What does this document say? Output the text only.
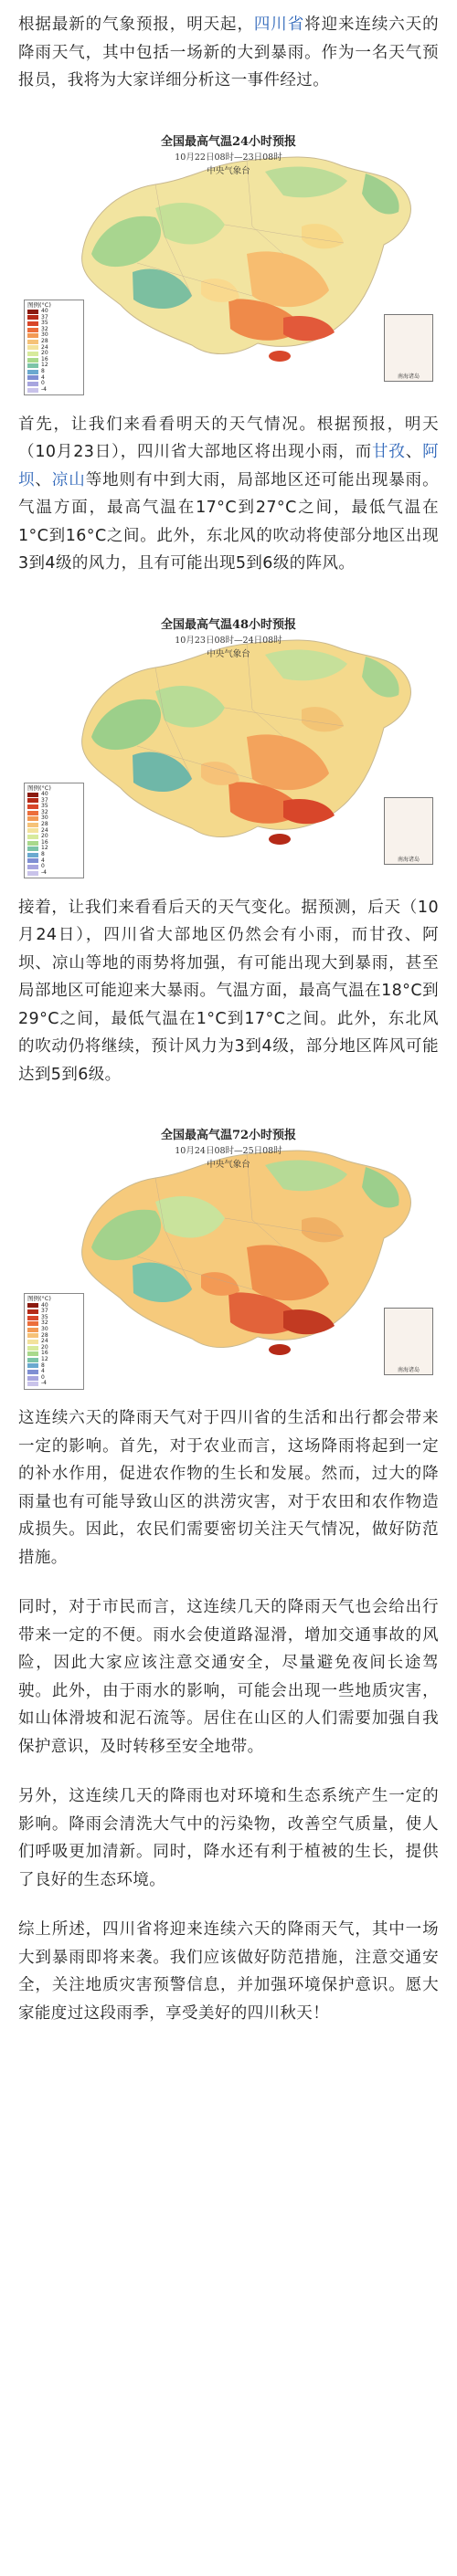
根据最新的气象预报，明天起，四川省将迎来连续六天的降雨天气，其中包括一场新的大到暴雨。作为一名天气预报员，我将为大家详细分析这一事件经过。

全国最高气温24小时预报
10月22日08时—23日08时
中央气象台
图例(°C)
40
37
35
32
30
28
24
20
16
12
8
4
0
-4
南海诸岛

首先，让我们来看看明天的天气情况。根据预报，明天（10月23日），四川省大部地区将出现小雨，而甘孜、阿坝、凉山等地则有中到大雨，局部地区还可能出现暴雨。气温方面，最高气温在17°C到27°C之间，最低气温在1°C到16°C之间。此外，东北风的吹动将使部分地区出现3到4级的风力，且有可能出现5到6级的阵风。

全国最高气温48小时预报
10月23日08时—24日08时
中央气象台
图例(°C)
40
37
35
32
30
28
24
20
16
12
8
4
0
-4
南海诸岛

接着，让我们来看看后天的天气变化。据预测，后天（10月24日），四川省大部地区仍然会有小雨，而甘孜、阿坝、凉山等地的雨势将加强，有可能出现大到暴雨，甚至局部地区可能迎来大暴雨。气温方面，最高气温在18°C到29°C之间，最低气温在1°C到17°C之间。此外，东北风的吹动仍将继续，预计风力为3到4级，部分地区阵风可能达到5到6级。

全国最高气温72小时预报
10月24日08时—25日08时
中央气象台
图例(°C)
40
37
35
32
30
28
24
20
16
12
8
4
0
-4
南海诸岛

这连续六天的降雨天气对于四川省的生活和出行都会带来一定的影响。首先，对于农业而言，这场降雨将起到一定的补水作用，促进农作物的生长和发展。然而，过大的降雨量也有可能导致山区的洪涝灾害，对于农田和农作物造成损失。因此，农民们需要密切关注天气情况，做好防范措施。

同时，对于市民而言，这连续几天的降雨天气也会给出行带来一定的不便。雨水会使道路湿滑，增加交通事故的风险，因此大家应该注意交通安全，尽量避免夜间长途驾驶。此外，由于雨水的影响，可能会出现一些地质灾害，如山体滑坡和泥石流等。居住在山区的人们需要加强自我保护意识，及时转移至安全地带。

另外，这连续几天的降雨也对环境和生态系统产生一定的影响。降雨会清洗大气中的污染物，改善空气质量，使人们呼吸更加清新。同时，降水还有利于植被的生长，提供了良好的生态环境。

综上所述，四川省将迎来连续六天的降雨天气，其中一场大到暴雨即将来袭。我们应该做好防范措施，注意交通安全，关注地质灾害预警信息，并加强环境保护意识。愿大家能度过这段雨季，享受美好的四川秋天！
